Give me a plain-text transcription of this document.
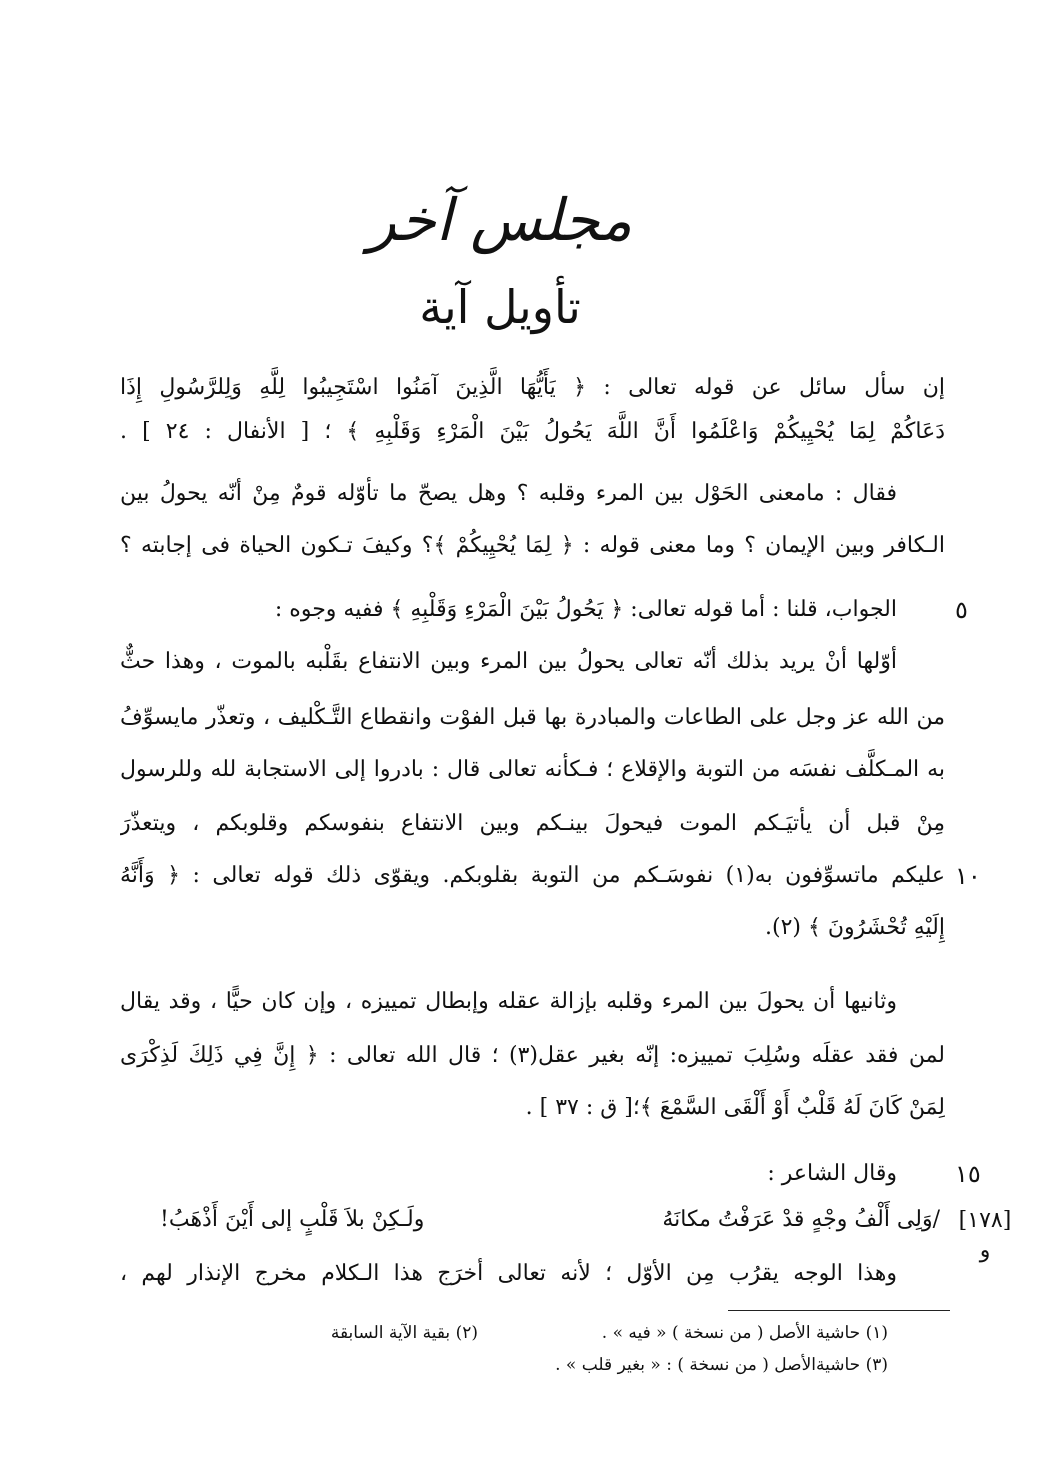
مجلس آخر
تأويل آية
إن سأل سائل عن قوله تعالى : ﴿ يَأَيُّهَا الَّذِينَ آمَنُوا اسْتَجِيبُوا لِلَّهِ وَلِلرَّسُولِ إِذَا
دَعَاكُمْ لِمَا يُحْيِيكُمْ وَاعْلَمُوا أَنَّ اللَّهَ يَحُولُ بَيْنَ الْمَرْءِ وَقَلْبِهِ ﴾ ؛ [ الأنفال : ٢٤ ] .
فقال : مامعنى الحَوْل بين المرء وقلبه ؟ وهل يصحّ ما تأوّله قومٌ مِنْ أنّه يحولُ بين
الـكافر وبين الإيمان ؟ وما معنى قوله : ﴿ لِمَا يُحْيِيكُمْ ﴾؟ وكيفَ تـكون الحياة فى إجابته ؟
الجواب، قلنا : أما قوله تعالى: ﴿ يَحُولُ بَيْنَ الْمَرْءِ وَقَلْبِهِ ﴾ ففيه وجوه :
أوّلها أنْ يريد بذلك أنّه تعالى يحولُ بين المرء وبين الانتفاع بقَلْبه بالموت ، وهذا حثٌّ
من الله عز وجل على الطاعات والمبادرة بها قبل الفوْت وانقطاع التَّـكْليف ، وتعذّر مايسوِّفُ
به المـكلَّف نفسَه من التوبة والإقلاع ؛ فـكأنه تعالى قال : بادروا إلى الاستجابة لله وللرسول
مِنْ قبل أن يأتيَـكم الموت فيحولَ بينـكم وبين الانتفاع بنفوسكم وقلوبكم ، ويتعذّرَ
عليكم ماتسوِّفون به(١) نفوسَـكم من التوبة بقلوبكم. ويقوّى ذلك قوله تعالى : ﴿ وَأَنَّهُ
إِلَيْهِ تُحْشَرُونَ ﴾ (٢).
وثانيها أن يحولَ بين المرء وقلبه بإزالة عقله وإبطال تمييزه ، وإن كان حيًّا ، وقد يقال
لمن فقد عقلَه وسُلِبَ تمييزه: إنّه بغير عقل(٣) ؛ قال الله تعالى : ﴿ إِنَّ فِي ذَلِكَ لَذِكْرَى
لِمَنْ كَانَ لَهُ قَلْبٌ أَوْ أَلْقَى السَّمْعَ ﴾؛[ ق : ٣٧ ] .
وقال الشاعر :
وهذا الوجه يقرُب مِن الأوّل ؛ لأنه تعالى أخرَج هذا الـكلام مخرج الإنذار لهم ،
٥
١٠
١٥
[١٧٨]
و
/وَلِى أَلْفُ وجْهٍ قدْ عَرَفْتُ مكانَهُ
ولَـكِنْ بلاَ قَلْبٍ إلى أَيْنَ أَذْهَبُ!
(١) حاشية الأصل ( من نسخة ) « فيه » .
(٢) بقية الآية السابقة
(٣) حاشيةالأصل ( من نسخة ) : « بغير قلب » .
